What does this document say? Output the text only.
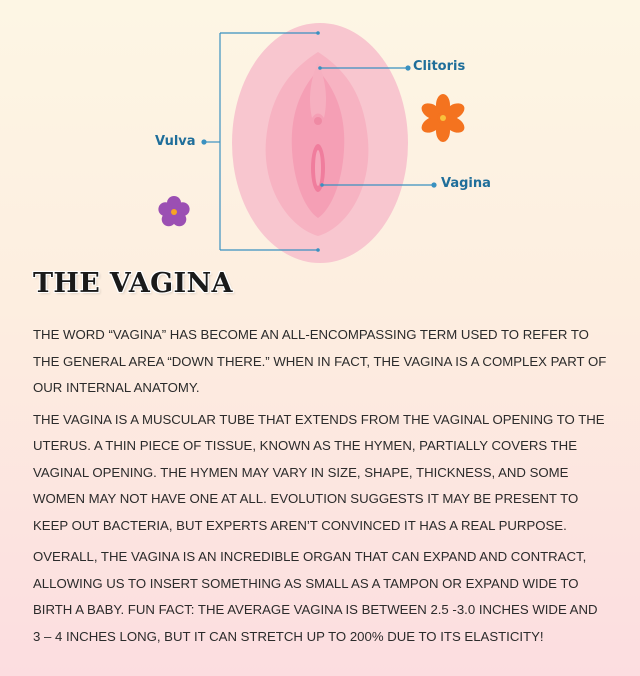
Vulva
Clitoris
Vagina
THE VAGINA

THE WORD “VAGINA” HAS BECOME AN ALL-ENCOMPASSING TERM USED TO REFER TO THE GENERAL AREA “DOWN THERE.” WHEN IN FACT, THE VAGINA IS A COMPLEX PART OF OUR INTERNAL ANATOMY.

THE VAGINA IS A MUSCULAR TUBE THAT EXTENDS FROM THE VAGINAL OPENING TO THE UTERUS. A THIN PIECE OF TISSUE, KNOWN AS THE HYMEN, PARTIALLY COVERS THE VAGINAL OPENING. THE HYMEN MAY VARY IN SIZE, SHAPE, THICKNESS, AND SOME WOMEN MAY NOT HAVE ONE AT ALL. EVOLUTION SUGGESTS IT MAY BE PRESENT TO KEEP OUT BACTERIA, BUT EXPERTS AREN’T CONVINCED IT HAS A REAL PURPOSE.

OVERALL, THE VAGINA IS AN INCREDIBLE ORGAN THAT CAN EXPAND AND CONTRACT, ALLOWING US TO INSERT SOMETHING AS SMALL AS A TAMPON OR EXPAND WIDE TO BIRTH A BABY. FUN FACT: THE AVERAGE VAGINA IS BETWEEN 2.5 -3.0 INCHES WIDE AND 3 – 4 INCHES LONG, BUT IT CAN STRETCH UP TO 200% DUE TO ITS ELASTICITY!
